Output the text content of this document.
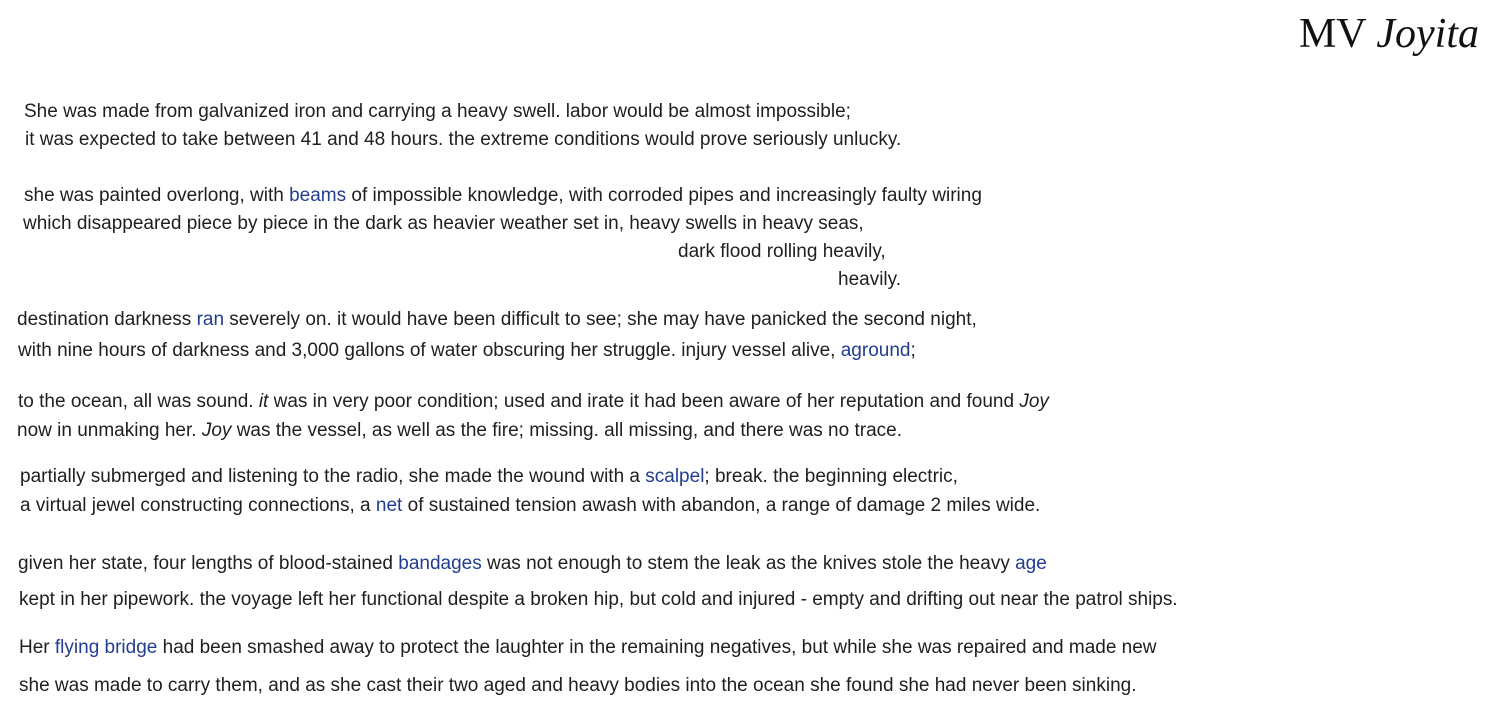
MV Joyita
She was made from galvanized iron and carrying a heavy swell. labor would be almost impossible;
it was expected to take between 41 and 48 hours. the extreme conditions would prove seriously unlucky.
she was painted overlong, with beams of impossible knowledge, with corroded pipes and increasingly faulty wiring
which disappeared piece by piece in the dark as heavier weather set in, heavy swells in heavy seas,
dark flood rolling heavily,
heavily.
destination darkness ran severely on. it would have been difficult to see; she may have panicked the second night,
with nine hours of darkness and 3,000 gallons of water obscuring her struggle. injury vessel alive, aground;
to the ocean, all was sound. it was in very poor condition; used and irate it had been aware of her reputation and found Joy
now in unmaking her. Joy was the vessel, as well as the fire; missing. all missing, and there was no trace.
partially submerged and listening to the radio, she made the wound with a scalpel; break. the beginning electric,
a virtual jewel constructing connections, a net of sustained tension awash with abandon, a range of damage 2 miles wide.
given her state, four lengths of blood-stained bandages was not enough to stem the leak as the knives stole the heavy age
kept in her pipework. the voyage left her functional despite a broken hip, but cold and injured - empty and drifting out near the patrol ships.
Her flying bridge had been smashed away to protect the laughter in the remaining negatives, but while she was repaired and made new
she was made to carry them, and as she cast their two aged and heavy bodies into the ocean she found she had never been sinking.
